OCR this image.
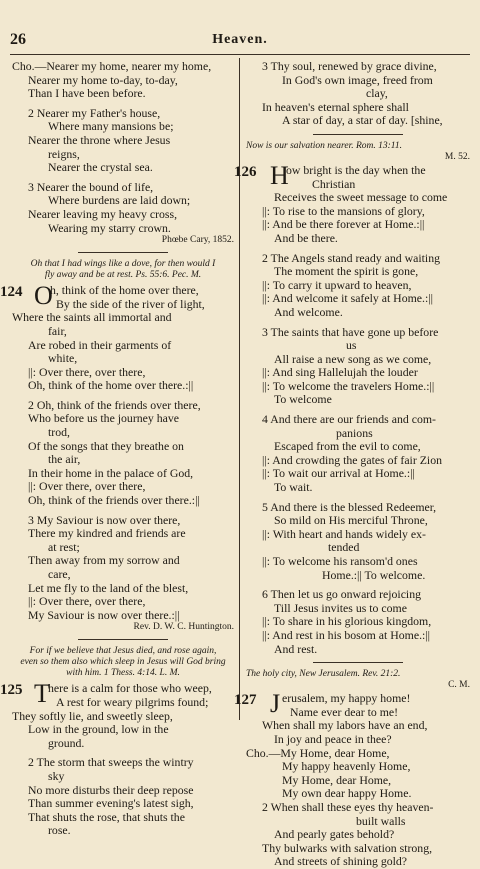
26	Heaven.
Cho.—Nearer my home, nearer my home,
Nearer my home to-day, to-day,
Than I have been before.
2 Nearer my Father's house,
Where many mansions be;
Nearer the throne where Jesus
reigns,
Nearer the crystal sea.
3 Nearer the bound of life,
Where burdens are laid down;
Nearer leaving my heavy cross,
Wearing my starry crown.
Phœbe Cary, 1852.
Oh that I had wings like a dove, for then would I
fly away and be at rest. Ps. 55:6. Pec. M.
124 O
h, think of the home over there,
By the side of the river of light,
Where the saints all immortal and
fair,
Are robed in their garments of
white,
||: Over there, over there,
Oh, think of the home over there.:||
2 Oh, think of the friends over there,
Who before us the journey have
trod,
Of the songs that they breathe on
the air,
In their home in the palace of God,
||: Over there, over there,
Oh, think of the friends over there.:||
3 My Saviour is now over there,
There my kindred and friends are
at rest;
Then away from my sorrow and
care,
Let me fly to the land of the blest,
||: Over there, over there,
My Saviour is now over there.:||
Rev. D. W. C. Huntington.
For if we believe that Jesus died, and rose again,
even so them also which sleep in Jesus will God bring
with him. 1 Thess. 4:14. L. M.
125 T
here is a calm for those who weep,
A rest for weary pilgrims found;
They softly lie, and sweetly sleep,
Low in the ground, low in the
ground.
2 The storm that sweeps the wintry
sky
No more disturbs their deep repose
Than summer evening's latest sigh,
That shuts the rose, that shuts the
rose.
3 Thy soul, renewed by grace divine,
In God's own image, freed from
clay,
In heaven's eternal sphere shall
A star of day, a star of day. [shine,
Now is our salvation nearer. Rom. 13:11.
M. 52.
126 H
ow bright is the day when the
Christian
Receives the sweet message to come
||: To rise to the mansions of glory,
||: And be there forever at Home.:||
And be there.
2 The Angels stand ready and waiting
The moment the spirit is gone,
||: To carry it upward to heaven,
||: And welcome it safely at Home.:||
And welcome.
3 The saints that have gone up before
us
All raise a new song as we come,
||: And sing Hallelujah the louder
||: To welcome the travelers Home.:||
To welcome
4 And there are our friends and com-
panions
Escaped from the evil to come,
||: And crowding the gates of fair Zion
||: To wait our arrival at Home.:||
To wait.
5 And there is the blessed Redeemer,
So mild on His merciful Throne,
||: With heart and hands widely ex-
tended
||: To welcome his ransom'd ones
Home.:|| To welcome.
6 Then let us go onward rejoicing
Till Jesus invites us to come
||: To share in his glorious kingdom,
||: And rest in his bosom at Home.:||
And rest.
The holy city, New Jerusalem. Rev. 21:2.
C. M.
127 J erusalem, my happy home!
Name ever dear to me!
When shall my labors have an end,
In joy and peace in thee?
Cho.—My Home, dear Home,
My happy heavenly Home,
My Home, dear Home,
My own dear happy Home.
2 When shall these eyes thy heaven-
built walls
And pearly gates behold?
Thy bulwarks with salvation strong,
And streets of shining gold?
